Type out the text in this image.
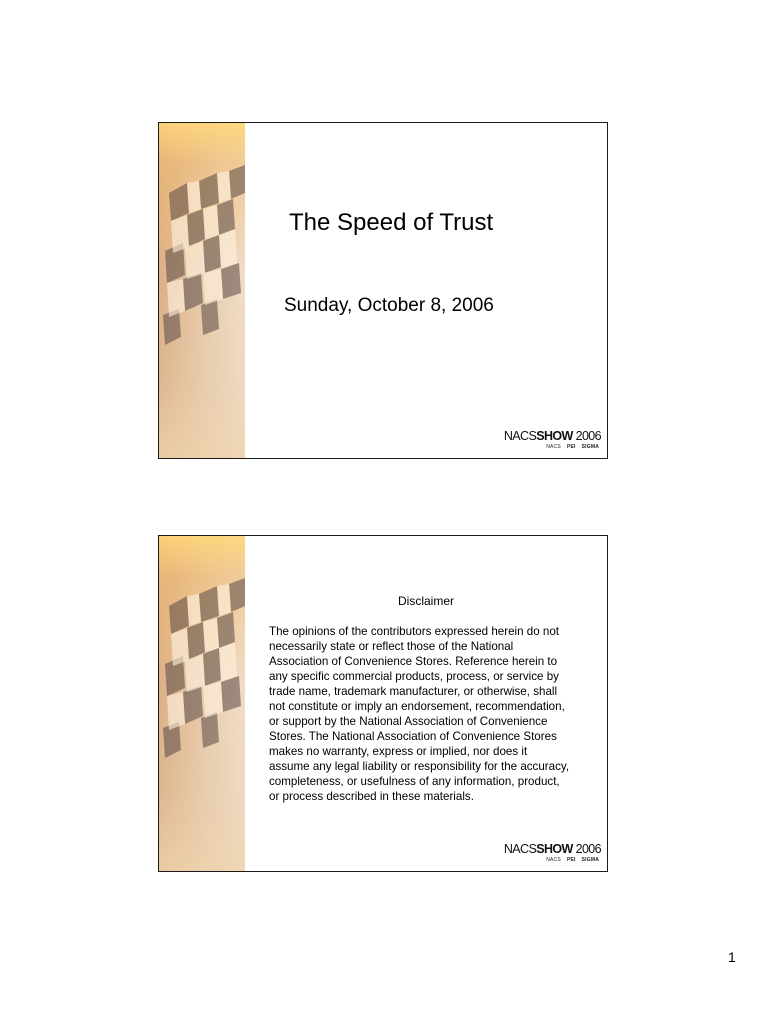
The Speed of Trust
Sunday, October 8, 2006
NACSSHOW 2006
NACS PEI SIGMA
Disclaimer
The opinions of the contributors expressed herein do not
necessarily state or reflect those of the National
Association of Convenience Stores. Reference herein to
any specific commercial products, process, or service by
trade name, trademark manufacturer, or otherwise, shall
not constitute or imply an endorsement, recommendation,
or support by the National Association of Convenience
Stores. The National Association of Convenience Stores
makes no warranty, express or implied, nor does it
assume any legal liability or responsibility for the accuracy,
completeness, or usefulness of any information, product,
or process described in these materials.
NACSSHOW 2006
NACS PEI SIGMA
1
